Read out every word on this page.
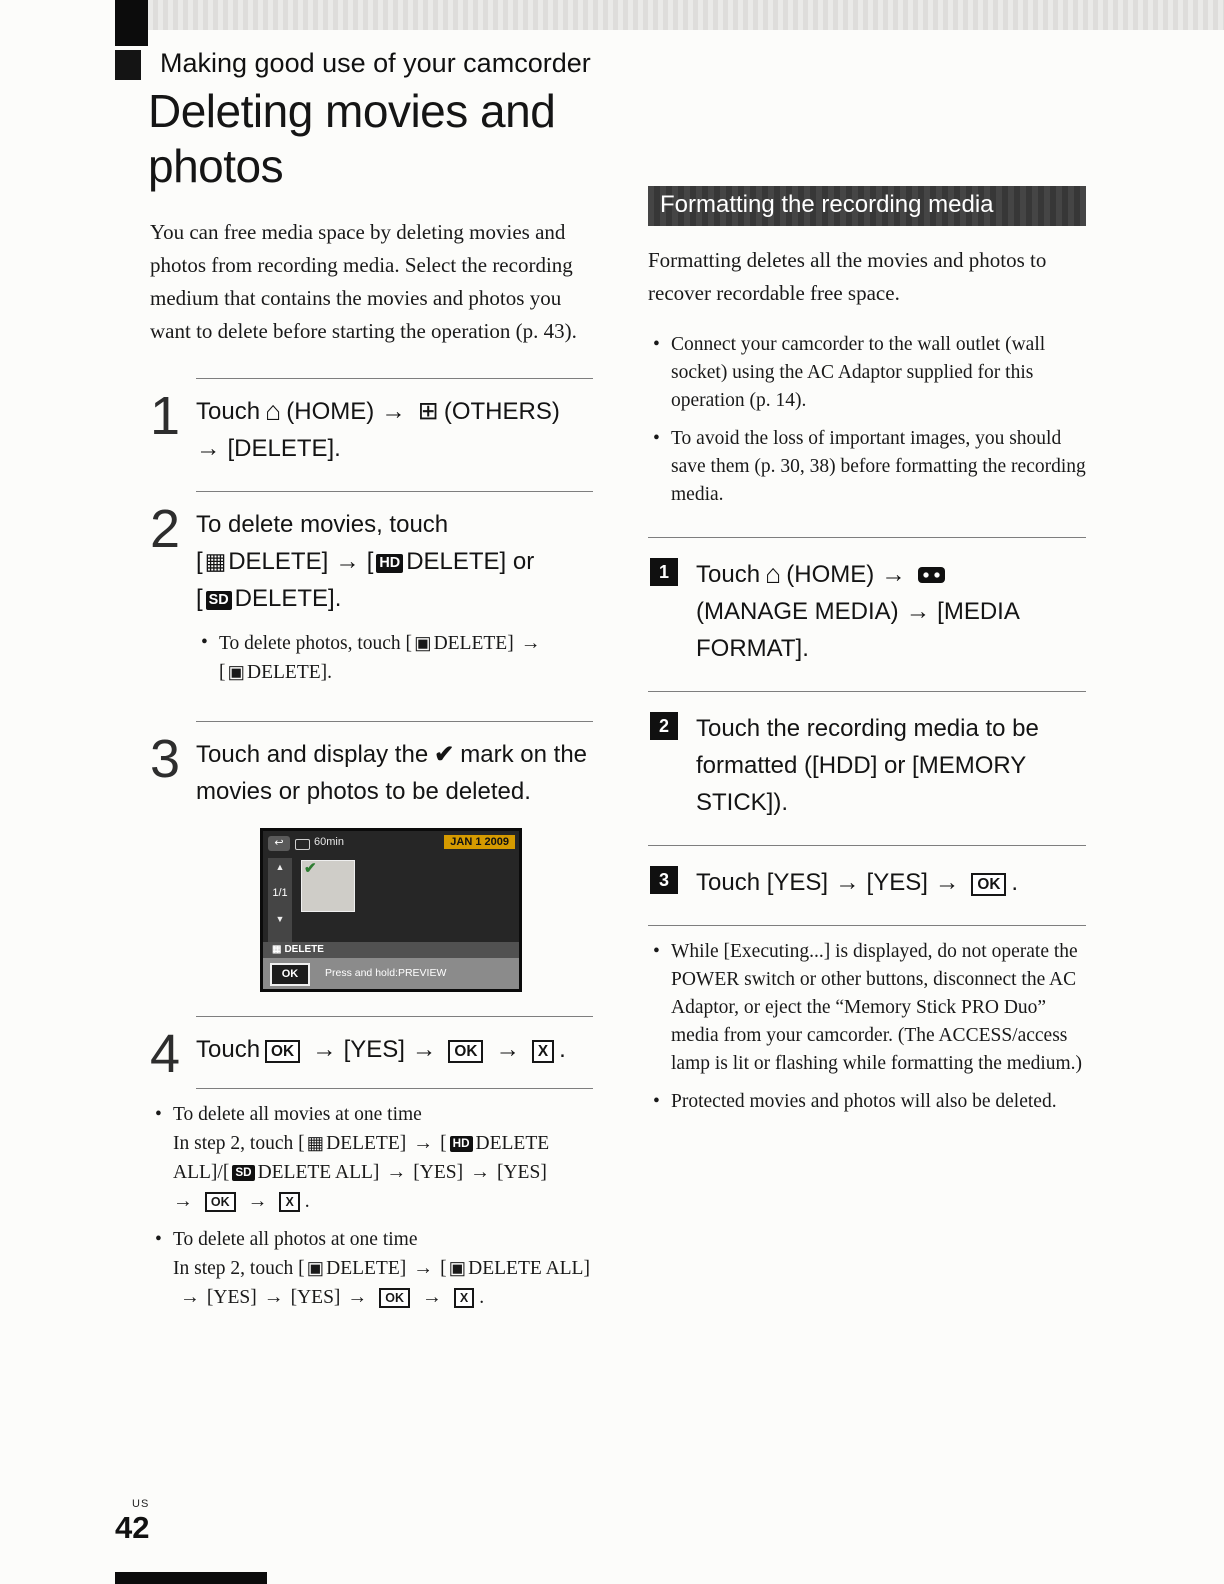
Making good use of your camcorder
Deleting movies and
photos

You can free media space by deleting movies and photos from recording media. Select the recording medium that contains the movies and photos you want to delete before starting the operation (p. 43).

1 Touch ⌂ (HOME) → ⊞ (OTHERS)
→ [DELETE].
2 To delete movies, touch
[▦DELETE] → [ HD DELETE] or
[ SD DELETE].
• To delete photos, touch [ ▣ DELETE] →
[ ▣ DELETE].
3 Touch and display the ✔ mark on the movies or photos to be deleted.
↩	60min	JAN 1 2009
▲
1/1
▼
✔
▦ DELETE
OK	Press and hold:PREVIEW
4 Touch OK → [YES] → OK → X .
• To delete all movies at one time
In step 2, touch [ ▦ DELETE] → [ HD DELETE ALL]/[ SD DELETE ALL] → [YES] → [YES]
→ OK → X .
• To delete all photos at one time
In step 2, touch [ ▣ DELETE] → [ ▣ DELETE ALL]→ [YES] → [YES] → OK → X .
Formatting the recording media

Formatting deletes all the movies and photos to recover recordable free space.

• Connect your camcorder to the wall outlet (wall socket) using the AC Adaptor supplied for this operation (p. 14).
• To avoid the loss of important images, you should save them (p. 30, 38) before formatting the recording media.
1	Touch ⌂ (HOME) →
(MANAGE MEDIA) → [MEDIA FORMAT].
2	Touch the recording media to be formatted ([HDD] or [MEMORY STICK]).
3	Touch [YES] → [YES] → OK .
• While [Executing...] is displayed, do not operate the POWER switch or other buttons, disconnect the AC Adaptor, or eject the “Memory Stick PRO Duo” media from your camcorder. (The ACCESS/access lamp is lit or flashing while formatting the medium.)
• Protected movies and photos will also be deleted.
US
42
